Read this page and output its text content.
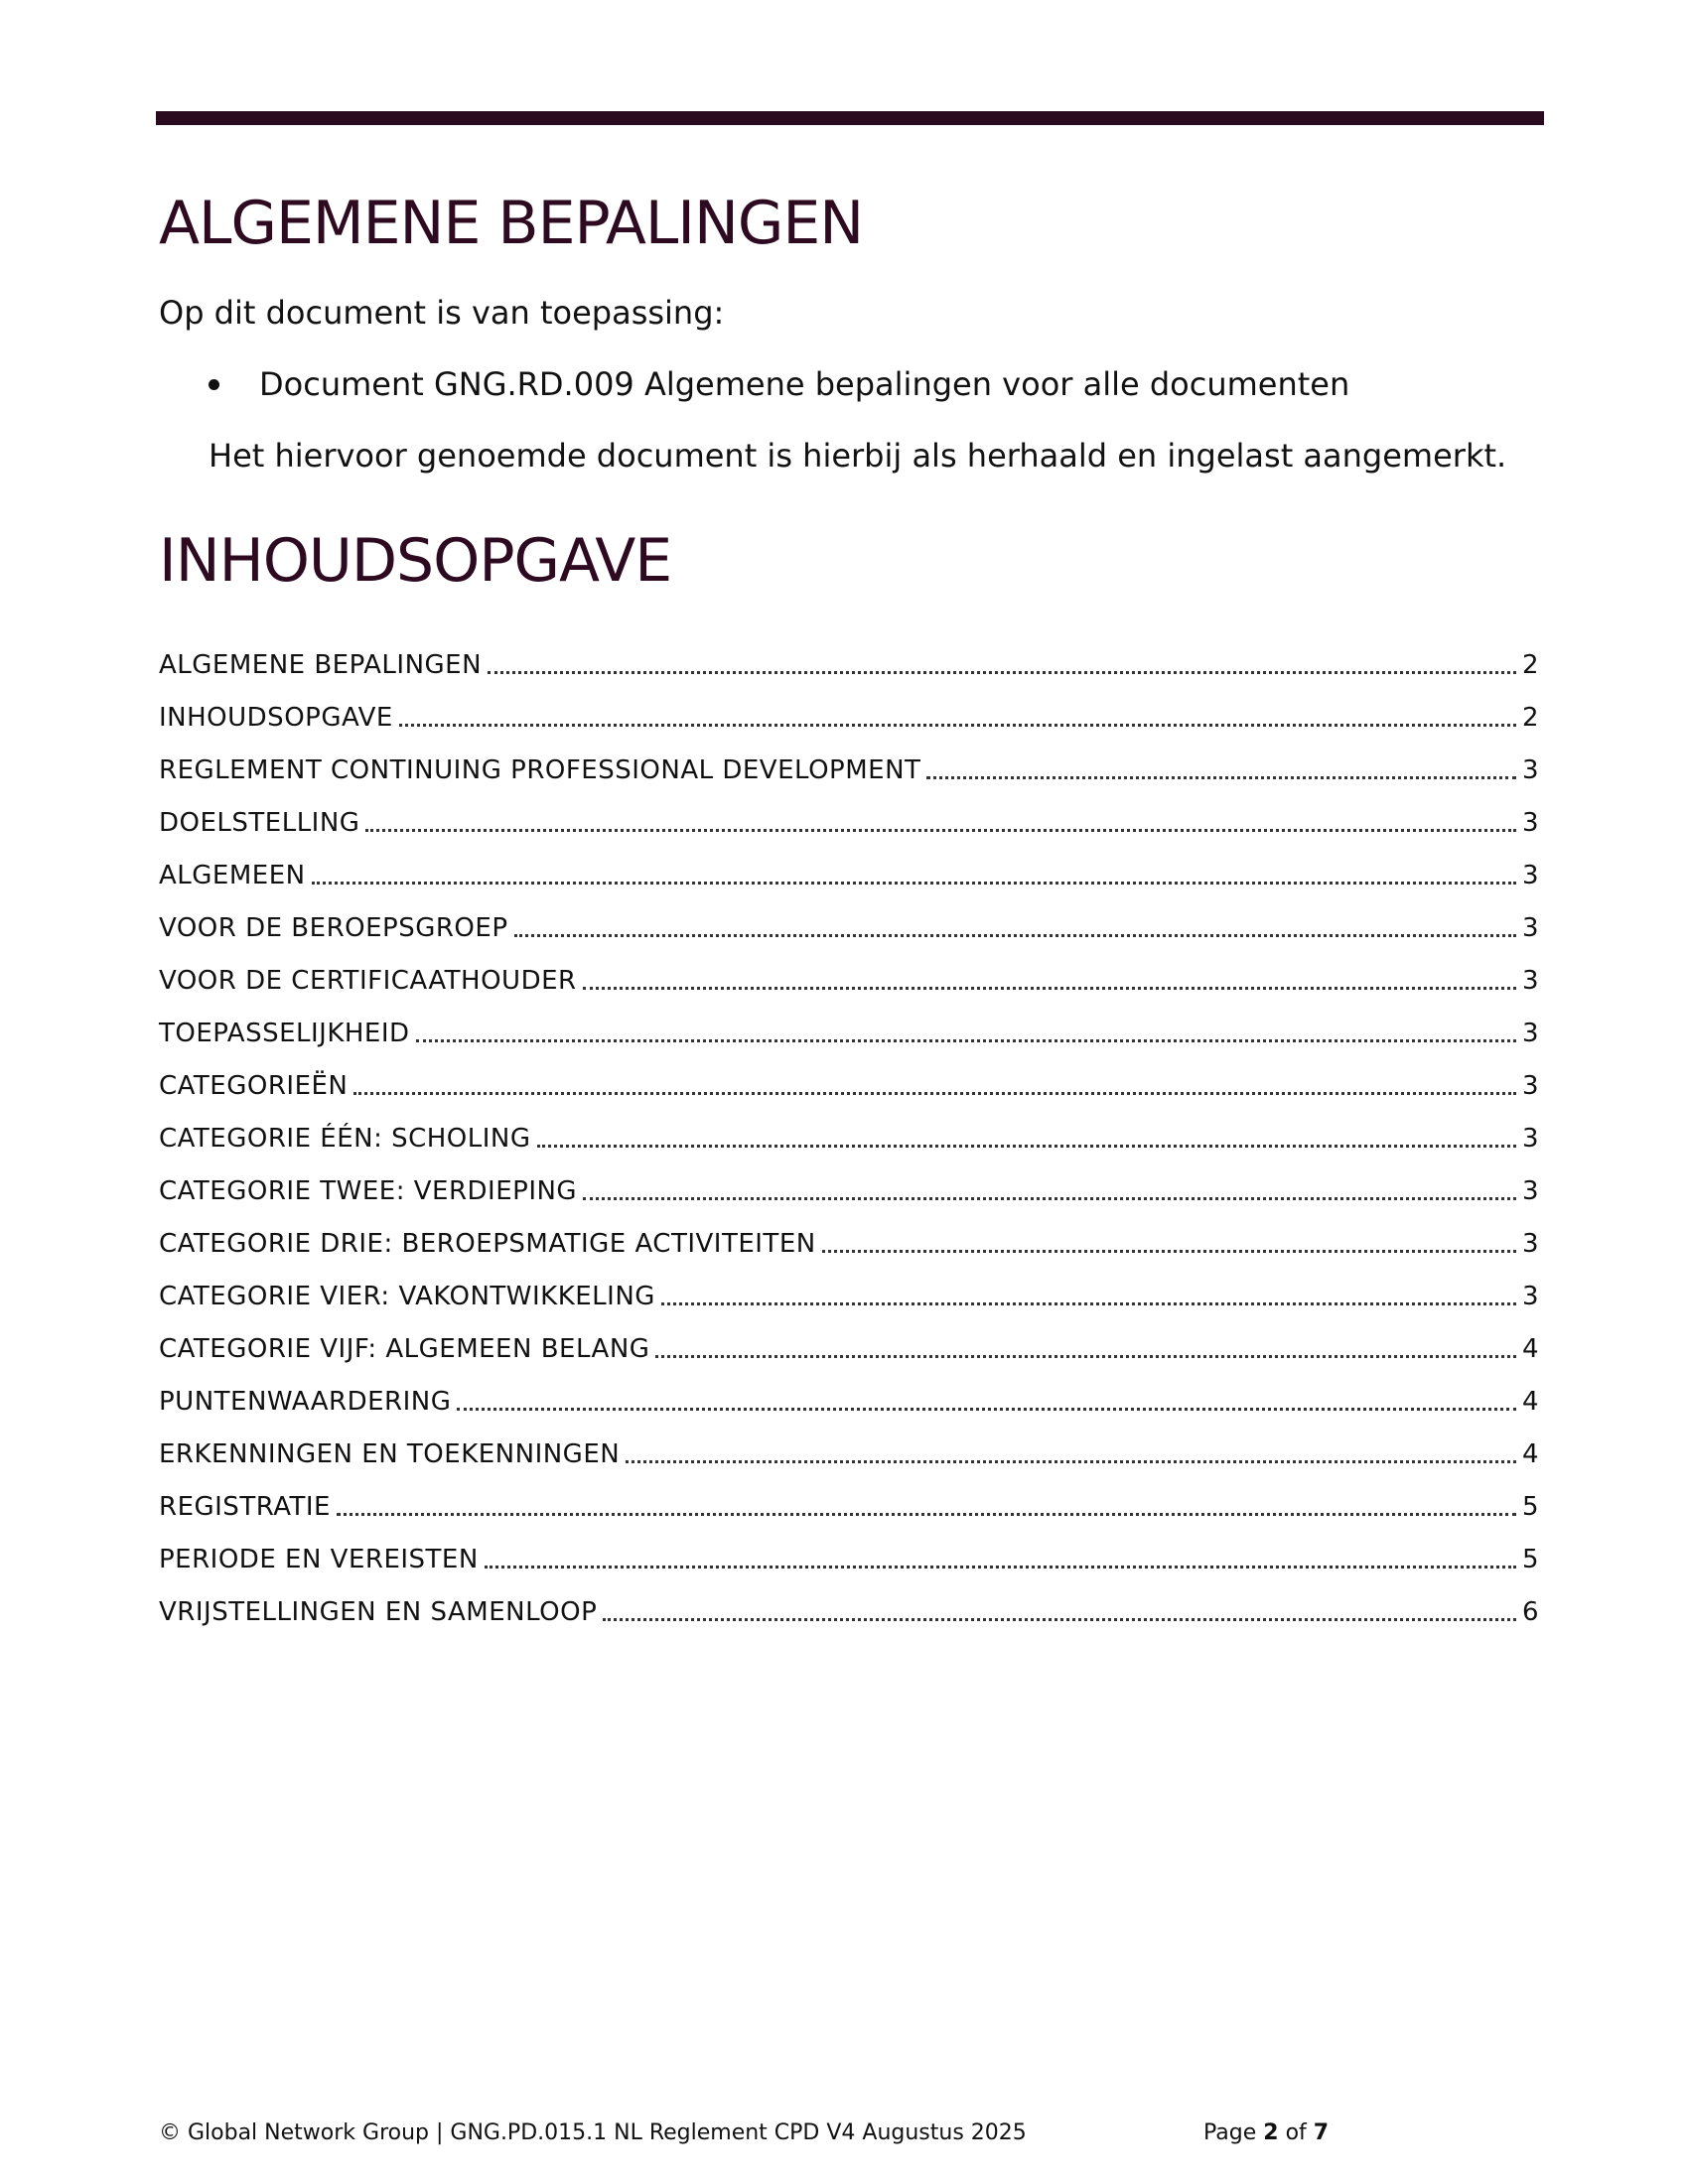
ALGEMENE BEPALINGEN

Op dit document is van toepassing:

Document GNG.RD.009 Algemene bepalingen voor alle documenten

Het hiervoor genoemde document is hierbij als herhaald en ingelast aangemerkt.

INHOUDSOPGAVE
ALGEMENE BEPALINGEN	2
INHOUDSOPGAVE	2
REGLEMENT CONTINUING PROFESSIONAL DEVELOPMENT	3
DOELSTELLING	3
ALGEMEEN	3
VOOR DE BEROEPSGROEP	3
VOOR DE CERTIFICAATHOUDER	3
TOEPASSELIJKHEID	3
CATEGORIEËN	3
CATEGORIE ÉÉN: SCHOLING	3
CATEGORIE TWEE: VERDIEPING	3
CATEGORIE DRIE: BEROEPSMATIGE ACTIVITEITEN	3
CATEGORIE VIER: VAKONTWIKKELING	3
CATEGORIE VIJF: ALGEMEEN BELANG	4
PUNTENWAARDERING	4
ERKENNINGEN EN TOEKENNINGEN	4
REGISTRATIE	5
PERIODE EN VEREISTEN	5
VRIJSTELLINGEN EN SAMENLOOP	6
© Global Network Group | GNG.PD.015.1 NL Reglement CPD V4 Augustus 2025	Page 2 of 7
